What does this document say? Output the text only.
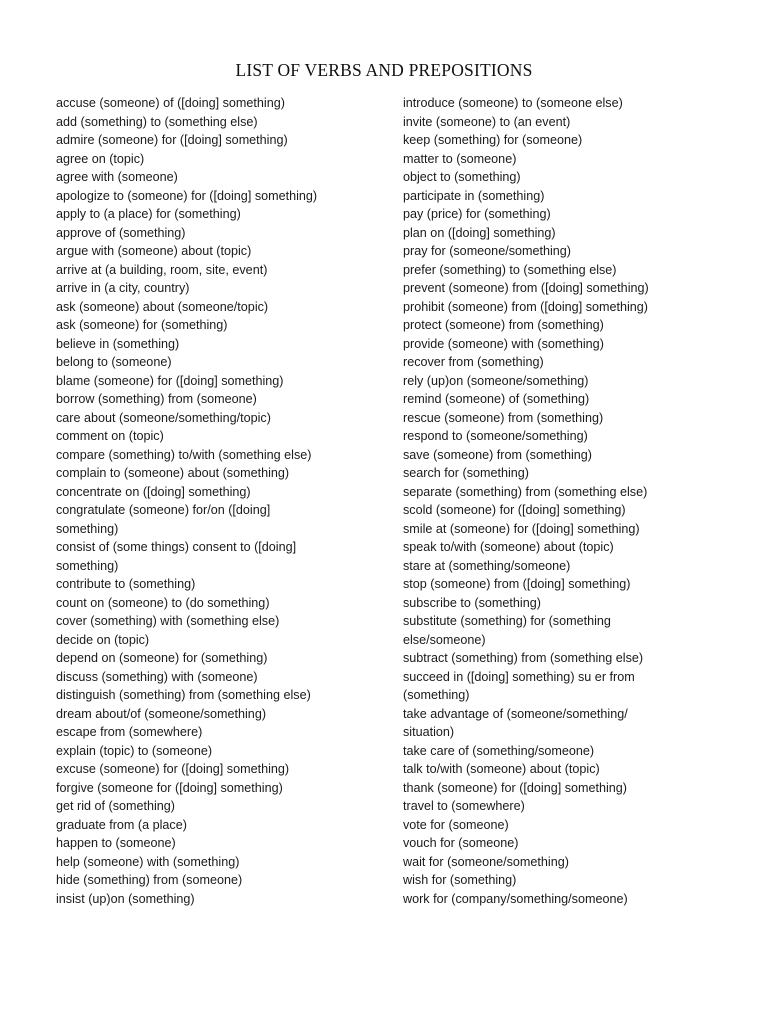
LIST OF VERBS AND PREPOSITIONS
accuse (someone) of ([doing] something)
add (something) to (something else)
admire (someone) for ([doing] something)
agree on (topic)
agree with (someone)
apologize to (someone) for ([doing] something)
apply to (a place) for (something)
approve of (something)
argue with (someone) about (topic)
arrive at (a building, room, site, event)
arrive in (a city, country)
ask (someone) about (someone/topic)
ask (someone) for (something)
believe in (something)
belong to (someone)
blame (someone) for ([doing] something)
borrow (something) from (someone)
care about (someone/something/topic)
comment on (topic)
compare (something) to/with (something else)
complain to (someone) about (something)
concentrate on ([doing] something)
congratulate (someone) for/on ([doing]
something)
consist of (some things) consent to ([doing]
something)
contribute to (something)
count on (someone) to (do something)
cover (something) with (something else)
decide on (topic)
depend on (someone) for (something)
discuss (something) with (someone)
distinguish (something) from (something else)
dream about/of (someone/something)
escape from (somewhere)
explain (topic) to (someone)
excuse (someone) for ([doing] something)
forgive (someone for ([doing] something)
get rid of (something)
graduate from (a place)
happen to (someone)
help (someone) with (something)
hide (something) from (someone)
insist (up)on (something)
introduce (someone) to (someone else)
invite (someone) to (an event)
keep (something) for (someone)
matter to (someone)
object to (something)
participate in (something)
pay (price) for (something)
plan on ([doing] something)
pray for (someone/something)
prefer (something) to (something else)
prevent (someone) from ([doing] something)
prohibit (someone) from ([doing] something)
protect (someone) from (something)
provide (someone) with (something)
recover from (something)
rely (up)on (someone/something)
remind (someone) of (something)
rescue (someone) from (something)
respond to (someone/something)
save (someone) from (something)
search for (something)
separate (something) from (something else)
scold (someone) for ([doing] something)
smile at (someone) for ([doing] something)
speak to/with (someone) about (topic)
stare at (something/someone)
stop (someone) from ([doing] something)
subscribe to (something)
substitute (something) for (something
else/someone)
subtract (something) from (something else)
succeed in ([doing] something) su er from
(something)
take advantage of (someone/something/
situation)
take care of (something/someone)
talk to/with (someone) about (topic)
thank (someone) for ([doing] something)
travel to (somewhere)
vote for (someone)
vouch for (someone)
wait for (someone/something)
wish for (something)
work for (company/something/someone)
